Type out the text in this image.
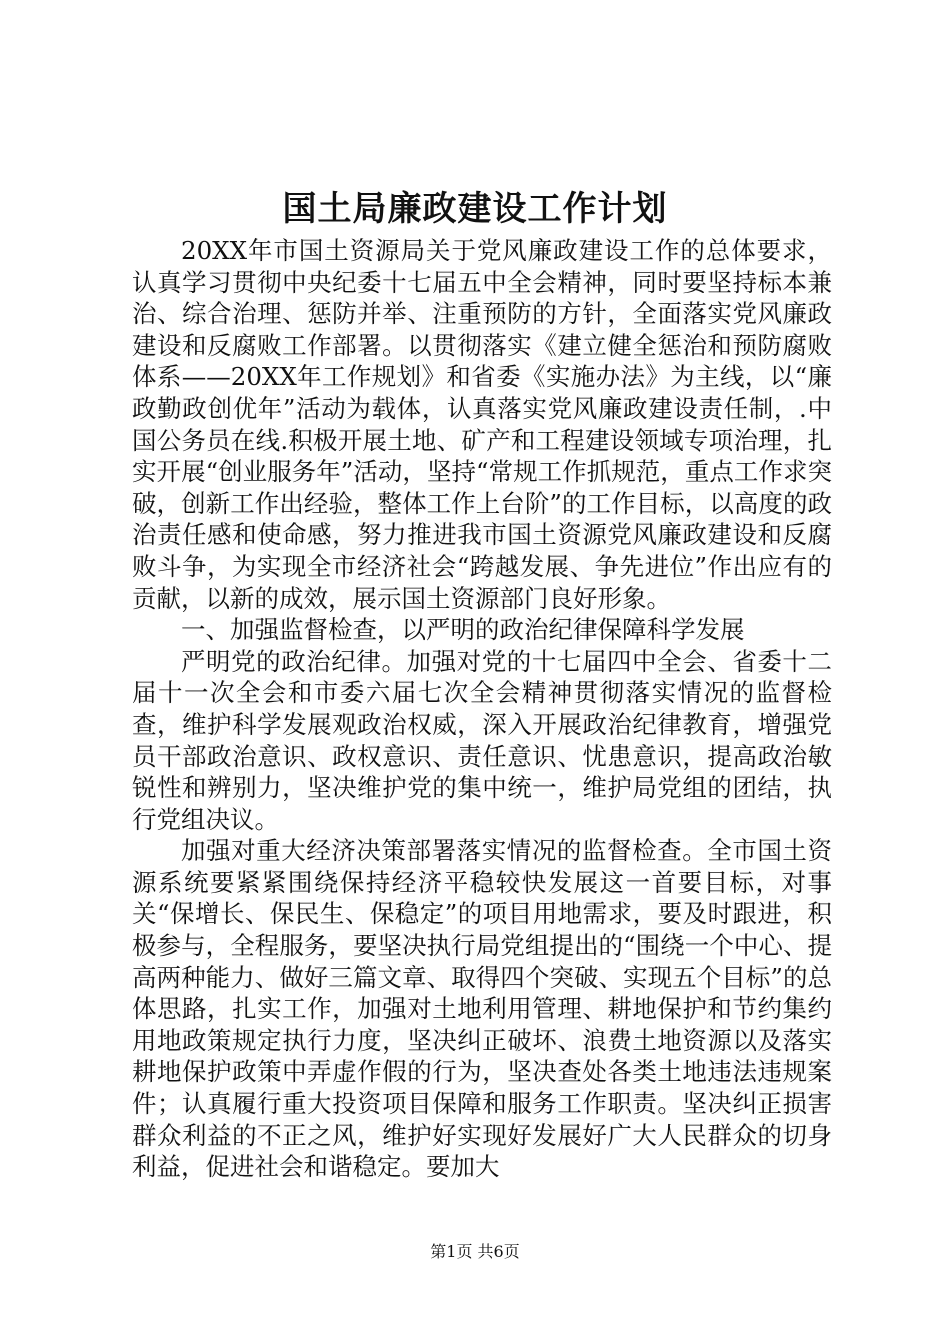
国土局廉政建设工作计划

20XX年市国土资源局关于党风廉政建设工作的总体要求，认真学习贯彻中央纪委十七届五中全会精神，同时要坚持标本兼治、综合治理、惩防并举、注重预防的方针，全面落实党风廉政建设和反腐败工作部署。以贯彻落实《建立健全惩治和预防腐败体系——20XX年工作规划》和省委《实施办法》为主线，以“廉政勤政创优年”活动为载体，认真落实党风廉政建设责任制，.中国公务员在线.积极开展土地、矿产和工程建设领域专项治理，扎实开展“创业服务年”活动，坚持“常规工作抓规范，重点工作求突破，创新工作出经验，整体工作上台阶”的工作目标，以高度的政治责任感和使命感，努力推进我市国土资源党风廉政建设和反腐败斗争，为实现全市经济社会“跨越发展、争先进位”作出应有的贡献，以新的成效，展示国土资源部门良好形象。

一、加强监督检查，以严明的政治纪律保障科学发展

严明党的政治纪律。加强对党的十七届四中全会、省委十二届十一次全会和市委六届七次全会精神贯彻落实情况的监督检查，维护科学发展观政治权威，深入开展政治纪律教育，增强党员干部政治意识、政权意识、责任意识、忧患意识，提高政治敏锐性和辨别力，坚决维护党的集中统一，维护局党组的团结，执行党组决议。

加强对重大经济决策部署落实情况的监督检查。全市国土资源系统要紧紧围绕保持经济平稳较快发展这一首要目标，对事关“保增长、保民生、保稳定”的项目用地需求，要及时跟进，积极参与，全程服务，要坚决执行局党组提出的“围绕一个中心、提高两种能力、做好三篇文章、取得四个突破、实现五个目标”的总体思路，扎实工作，加强对土地利用管理、耕地保护和节约集约用地政策规定执行力度，坚决纠正破坏、浪费土地资源以及落实耕地保护政策中弄虚作假的行为，坚决查处各类土地违法违规案件；认真履行重大投资项目保障和服务工作职责。坚决纠正损害群众利益的不正之风，维护好实现好发展好广大人民群众的切身利益，促进社会和谐稳定。要加大

第1页 共6页
